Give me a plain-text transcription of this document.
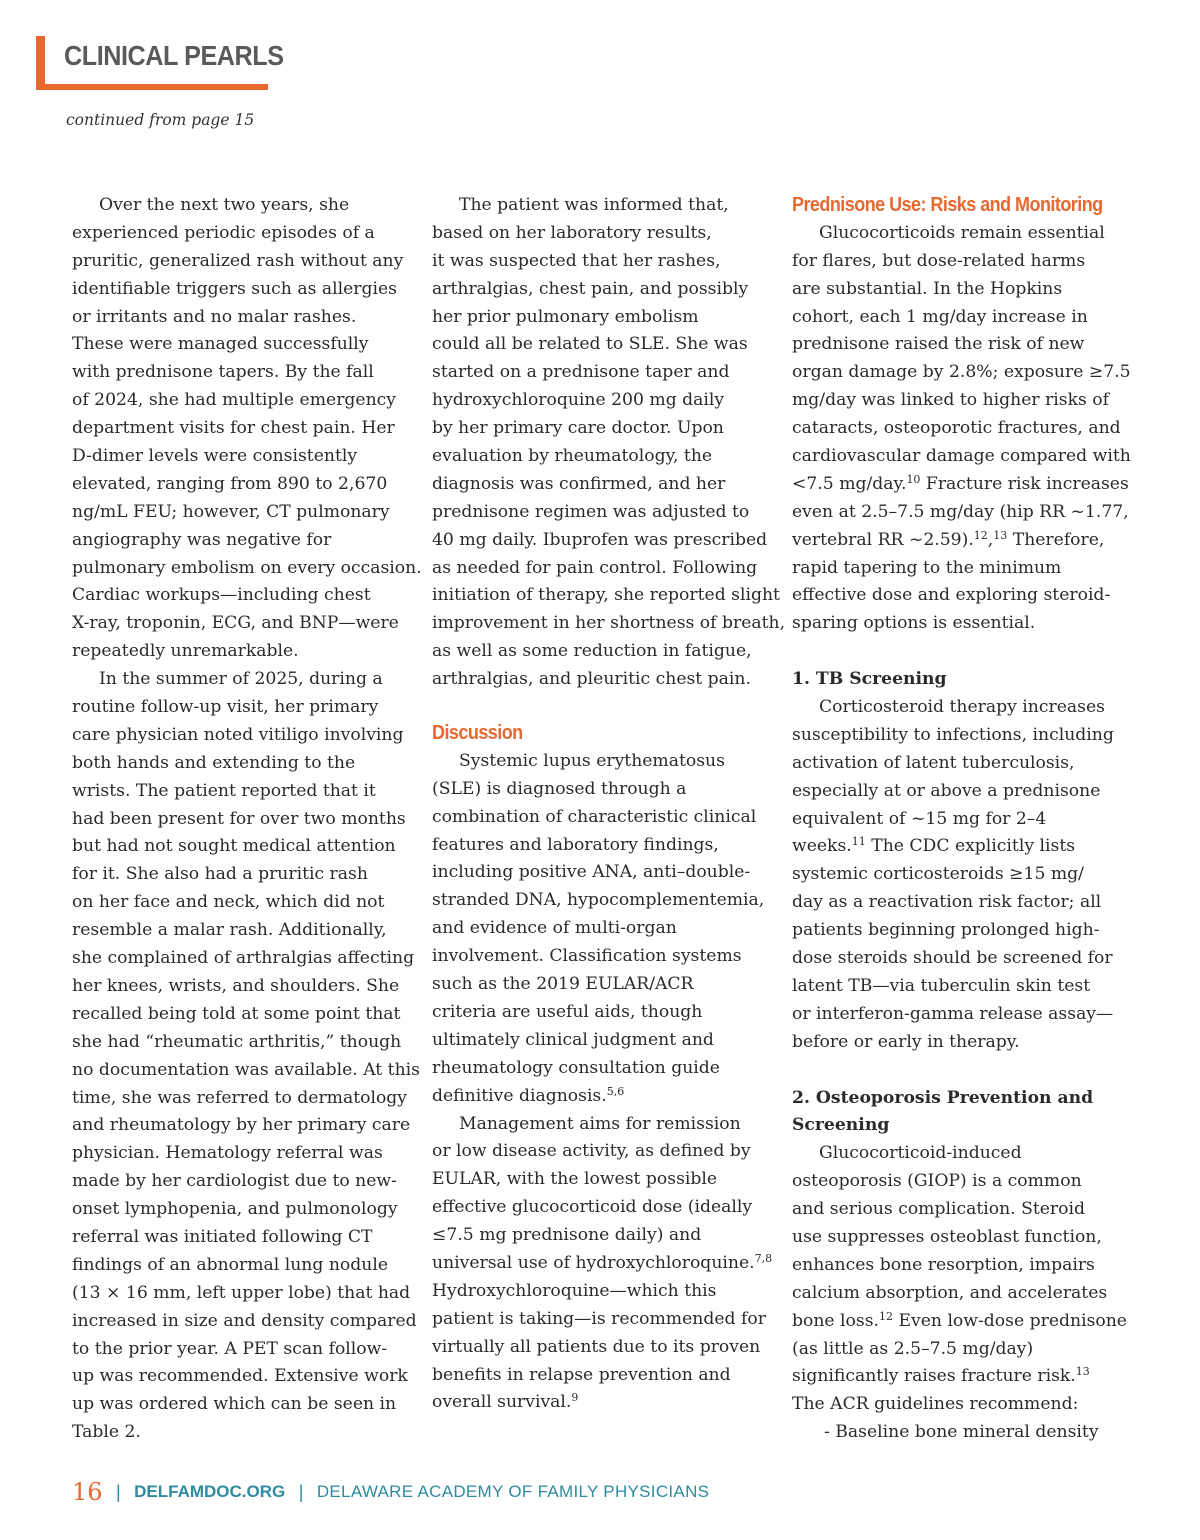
CLINICAL PEARLS
continued from page 15
Over the next two years, she
experienced periodic episodes of a
pruritic, generalized rash without any
identifiable triggers such as allergies
or irritants and no malar rashes.
These were managed successfully
with prednisone tapers. By the fall
of 2024, she had multiple emergency
department visits for chest pain. Her
D-dimer levels were consistently
elevated, ranging from 890 to 2,670
ng/mL FEU; however, CT pulmonary
angiography was negative for
pulmonary embolism on every occasion.
Cardiac workups—including chest
X-ray, troponin, ECG, and BNP—were
repeatedly unremarkable.
In the summer of 2025, during a
routine follow-up visit, her primary
care physician noted vitiligo involving
both hands and extending to the
wrists. The patient reported that it
had been present for over two months
but had not sought medical attention
for it. She also had a pruritic rash
on her face and neck, which did not
resemble a malar rash. Additionally,
she complained of arthralgias affecting
her knees, wrists, and shoulders. She
recalled being told at some point that
she had “rheumatic arthritis,” though
no documentation was available. At this
time, she was referred to dermatology
and rheumatology by her primary care
physician. Hematology referral was
made by her cardiologist due to new-
onset lymphopenia, and pulmonology
referral was initiated following CT
findings of an abnormal lung nodule
(13 × 16 mm, left upper lobe) that had
increased in size and density compared
to the prior year. A PET scan follow-
up was recommended. Extensive work
up was ordered which can be seen in
Table 2.
The patient was informed that,
based on her laboratory results,
it was suspected that her rashes,
arthralgias, chest pain, and possibly
her prior pulmonary embolism
could all be related to SLE. She was
started on a prednisone taper and
hydroxychloroquine 200 mg daily
by her primary care doctor. Upon
evaluation by rheumatology, the
diagnosis was confirmed, and her
prednisone regimen was adjusted to
40 mg daily. Ibuprofen was prescribed
as needed for pain control. Following
initiation of therapy, she reported slight
improvement in her shortness of breath,
as well as some reduction in fatigue,
arthralgias, and pleuritic chest pain.
Discussion
Systemic lupus erythematosus
(SLE) is diagnosed through a
combination of characteristic clinical
features and laboratory findings,
including positive ANA, anti–double-
stranded DNA, hypocomplementemia,
and evidence of multi-organ
involvement. Classification systems
such as the 2019 EULAR/ACR
criteria are useful aids, though
ultimately clinical judgment and
rheumatology consultation guide
definitive diagnosis.$^{5,6}$
Management aims for remission
or low disease activity, as defined by
EULAR, with the lowest possible
effective glucocorticoid dose (ideally
≤7.5 mg prednisone daily) and
universal use of hydroxychloroquine.$^{7,8}$
Hydroxychloroquine—which this
patient is taking—is recommended for
virtually all patients due to its proven
benefits in relapse prevention and
overall survival.$^9$
Prednisone Use: Risks and Monitoring
Glucocorticoids remain essential
for flares, but dose-related harms
are substantial. In the Hopkins
cohort, each 1 mg/day increase in
prednisone raised the risk of new
organ damage by 2.8%; exposure ≥7.5
mg/day was linked to higher risks of
cataracts, osteoporotic fractures, and
cardiovascular damage compared with
<7.5 mg/day.$^{10}$ Fracture risk increases
even at 2.5–7.5 mg/day (hip RR ~1.77,
vertebral RR ~2.59).$^{12}$,$^{13}$ Therefore,
rapid tapering to the minimum
effective dose and exploring steroid-
sparing options is essential.
1. TB Screening
Corticosteroid therapy increases
susceptibility to infections, including
activation of latent tuberculosis,
especially at or above a prednisone
equivalent of ~15 mg for 2–4
weeks.$^{11}$ The CDC explicitly lists
systemic corticosteroids ≥15 mg/
day as a reactivation risk factor; all
patients beginning prolonged high-
dose steroids should be screened for
latent TB—via tuberculin skin test
or interferon-gamma release assay—
before or early in therapy.
2. Osteoporosis Prevention and
Screening
Glucocorticoid-induced
osteoporosis (GIOP) is a common
and serious complication. Steroid
use suppresses osteoblast function,
enhances bone resorption, impairs
calcium absorption, and accelerates
bone loss.$^{12}$ Even low-dose prednisone
(as little as 2.5–7.5 mg/day)
significantly raises fracture risk.$^{13}$
The ACR guidelines recommend:
- Baseline bone mineral density
16 | DELFAMDOC.ORG | DELAWARE ACADEMY OF FAMILY PHYSICIANS
